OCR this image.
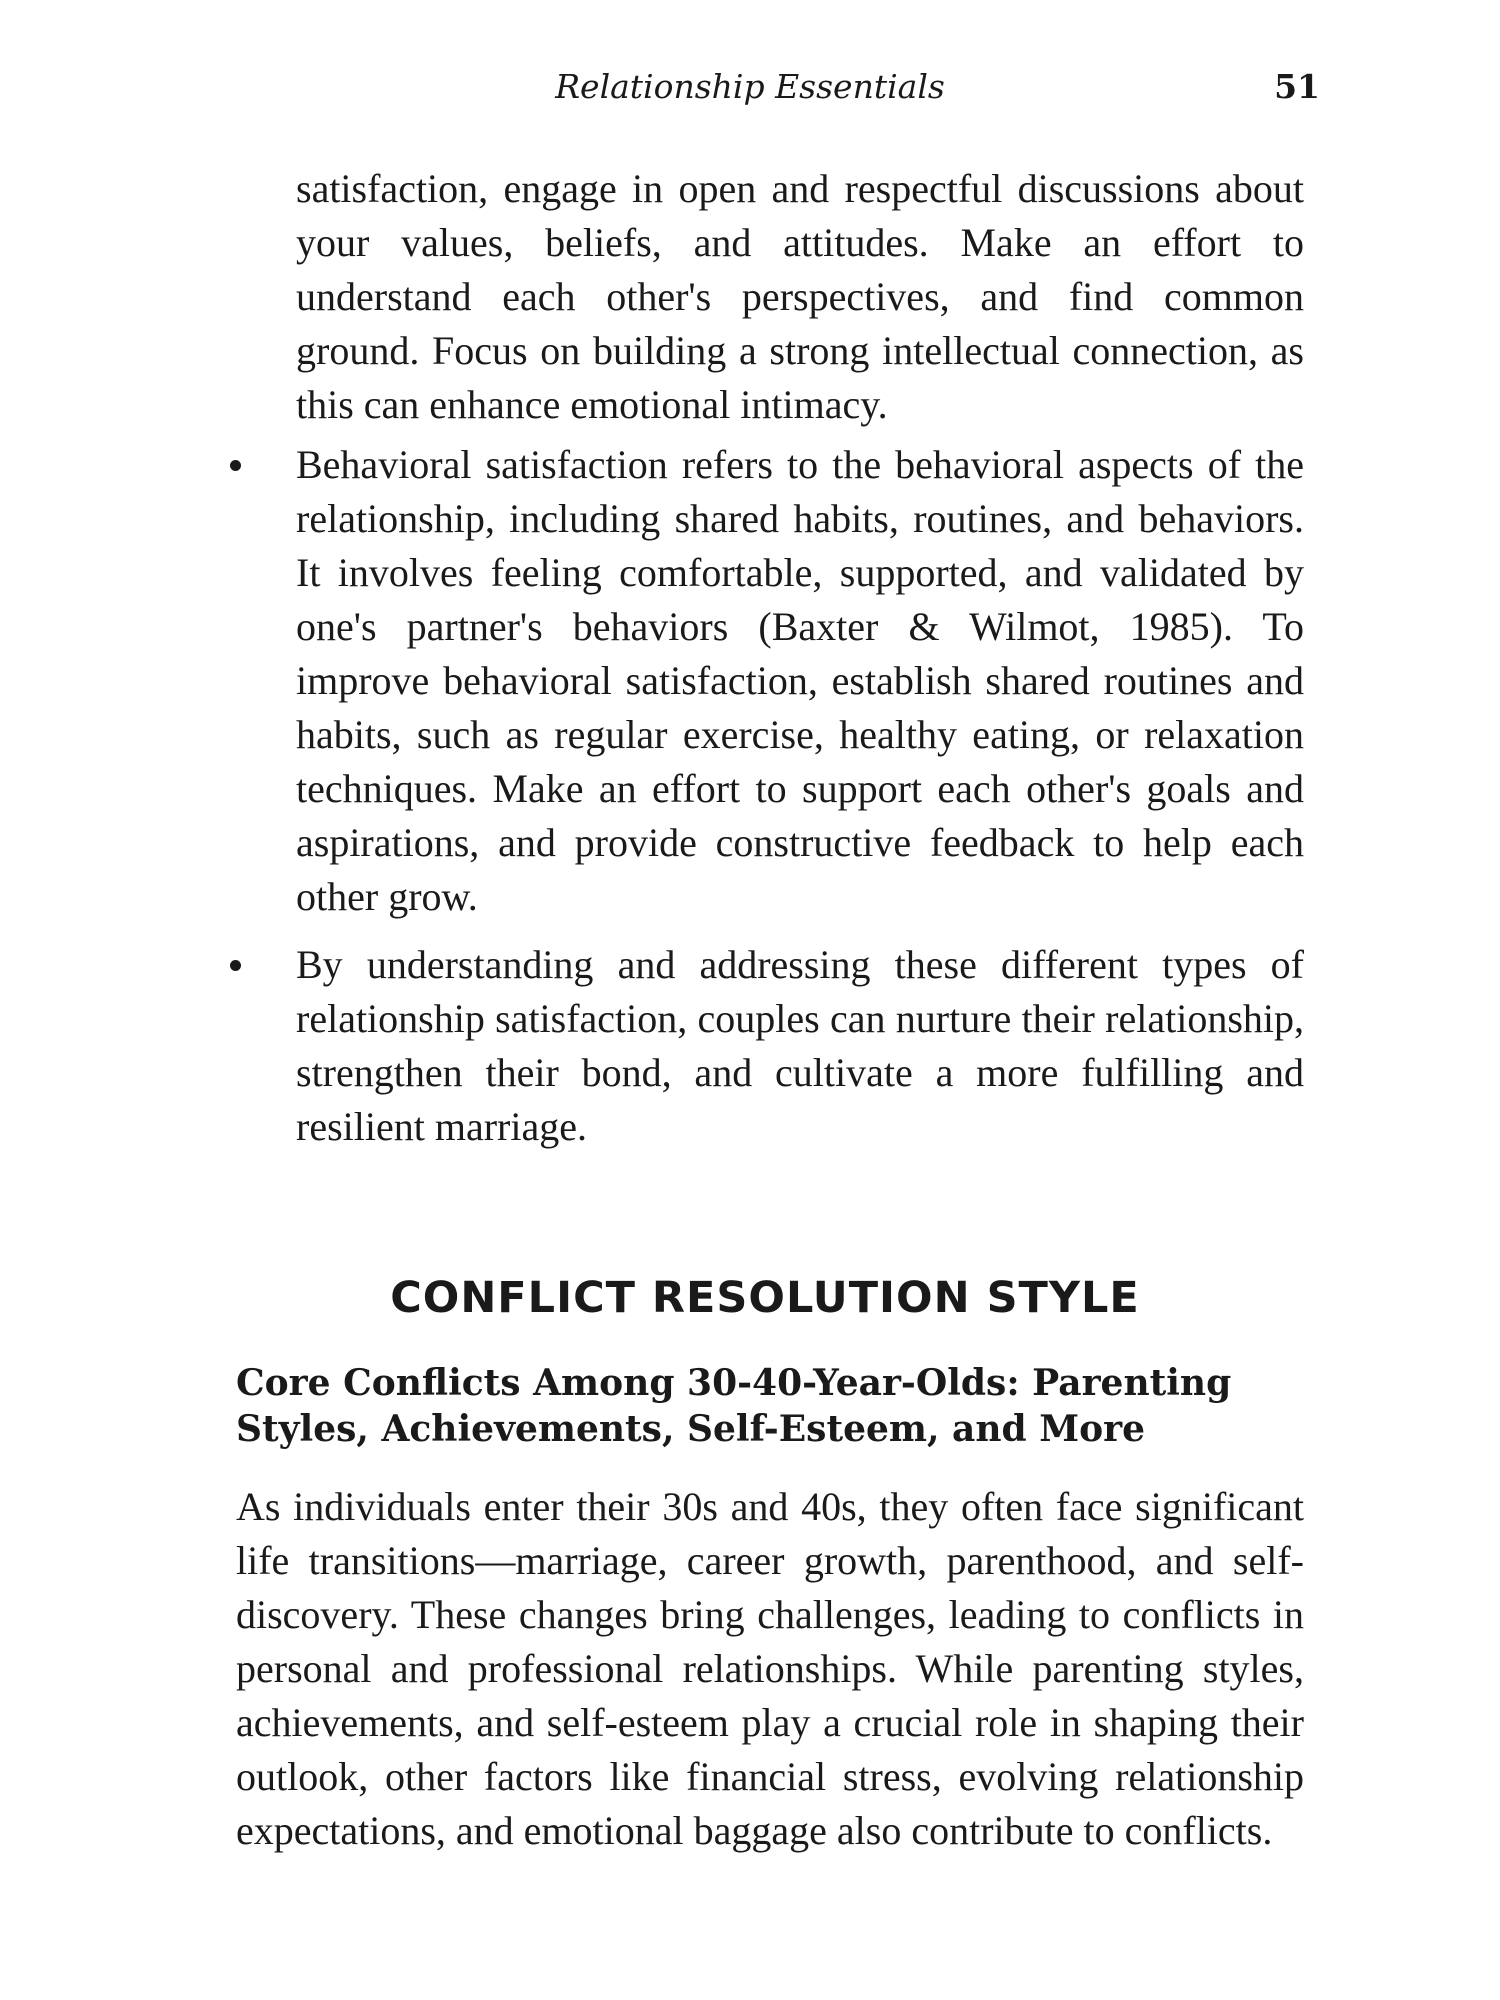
Relationship Essentials	51

satisfaction, engage in open and respectful discussions about your values, beliefs, and attitudes. Make an effort to understand each other's perspectives, and find common ground. Focus on building a strong intellectual connection, as this can enhance emotional intimacy.

Behavioral satisfaction refers to the behavioral aspects of the relationship, including shared habits, routines, and behaviors. It involves feeling comfortable, supported, and validated by one's partner's behaviors (Baxter & Wilmot, 1985). To improve behavioral satisfaction, establish shared routines and habits, such as regular exercise, healthy eating, or relaxation techniques. Make an effort to support each other's goals and aspirations, and provide constructive feedback to help each other grow.
By understanding and addressing these different types of relationship satisfaction, couples can nurture their relationship, strengthen their bond, and cultivate a more fulfilling and resilient marriage.
CONFLICT RESOLUTION STYLE
Core Conflicts Among 30-40-Year-Olds: Parenting Styles, Achievements, Self-Esteem, and More

As individuals enter their 30s and 40s, they often face significant life transitions—marriage, career growth, parenthood, and self-discovery. These changes bring challenges, leading to conflicts in personal and professional relationships. While parenting styles, achievements, and self-esteem play a crucial role in shaping their outlook, other factors like financial stress, evolving relationship expectations, and emotional baggage also contribute to conflicts.
